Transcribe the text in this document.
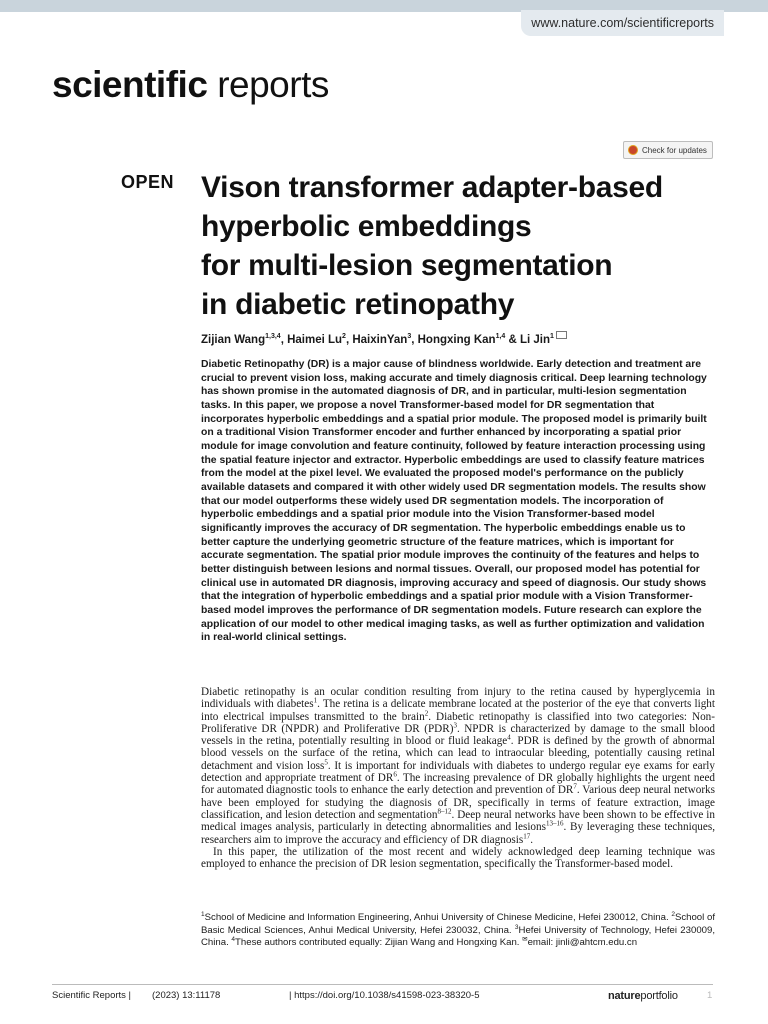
www.nature.com/scientificreports
scientific reports
Check for updates
OPEN Vison transformer adapter-based
hyperbolic embeddings
for multi-lesion segmentation
in diabetic retinopathy
Zijian Wang$^{1,3,4}$, Haimei Lu$^2$, HaixinYan$^3$, Hongxing Kan$^{1,4}$ & Li Jin$^1$

Diabetic Retinopathy (DR) is a major cause of blindness worldwide. Early detection and treatment are crucial to prevent vision loss, making accurate and timely diagnosis critical. Deep learning technology has shown promise in the automated diagnosis of DR, and in particular, multi-lesion segmentation tasks. In this paper, we propose a novel Transformer-based model for DR segmentation that incorporates hyperbolic embeddings and a spatial prior module. The proposed model is primarily built on a traditional Vision Transformer encoder and further enhanced by incorporating a spatial prior module for image convolution and feature continuity, followed by feature interaction processing using the spatial feature injector and extractor. Hyperbolic embeddings are used to classify feature matrices from the model at the pixel level. We evaluated the proposed model's performance on the publicly available datasets and compared it with other widely used DR segmentation models. The results show that our model outperforms these widely used DR segmentation models. The incorporation of hyperbolic embeddings and a spatial prior module into the Vision Transformer-based model significantly improves the accuracy of DR segmentation. The hyperbolic embeddings enable us to better capture the underlying geometric structure of the feature matrices, which is important for accurate segmentation. The spatial prior module improves the continuity of the features and helps to better distinguish between lesions and normal tissues. Overall, our proposed model has potential for clinical use in automated DR diagnosis, improving accuracy and speed of diagnosis. Our study shows that the integration of hyperbolic embeddings and a spatial prior module with a Vision Transformer-based model improves the performance of DR segmentation models. Future research can explore the application of our model to other medical imaging tasks, as well as further optimization and validation in real-world clinical settings.

Diabetic retinopathy is an ocular condition resulting from injury to the retina caused by hyperglycemia in individuals with diabetes$^1$. The retina is a delicate membrane located at the posterior of the eye that converts light into electrical impulses transmitted to the brain$^2$. Diabetic retinopathy is classified into two categories: Non-Proliferative DR (NPDR) and Proliferative DR (PDR)$^3$. NPDR is characterized by damage to the small blood vessels in the retina, potentially resulting in blood or fluid leakage$^4$. PDR is defined by the growth of abnormal blood vessels on the surface of the retina, which can lead to intraocular bleeding, potentially causing retinal detachment and vision loss$^5$. It is important for individuals with diabetes to undergo regular eye exams for early detection and appropriate treatment of $DR^6$. The increasing prevalence of DR globally highlights the urgent need for automated diagnostic tools to enhance the early detection and prevention of $DR^7$. Various deep neural networks have been employed for studying the diagnosis of DR, specifically in terms of feature extraction, image classification, and lesion detection and segmentation$^{8-12}$. Deep neural networks have been shown to be effective in medical images analysis, particularly in detecting abnormalities and lesions$^{13-16}$. By leveraging these techniques, researchers aim to improve the accuracy and efficiency of DR diagnosis$^{17}$.

In this paper, the utilization of the most recent and widely acknowledged deep learning technique was employed to enhance the precision of DR lesion segmentation, specifically the Transformer-based model.

$^1$School of Medicine and Information Engineering, Anhui University of Chinese Medicine, Hefei 230012, China. $^2$School of Basic Medical Sciences, Anhui Medical University, Hefei 230032, China. $^3$Hefei University of Technology, Hefei 230009, China. $^4$These authors contributed equally: Zijian Wang and Hongxing Kan. ✉email: jinli@ahtcm.edu.cn
Scientific Reports | (2023) 13:11178	| https://doi.org/10.1038/s41598-023-38320-5	natureportfolio	1
